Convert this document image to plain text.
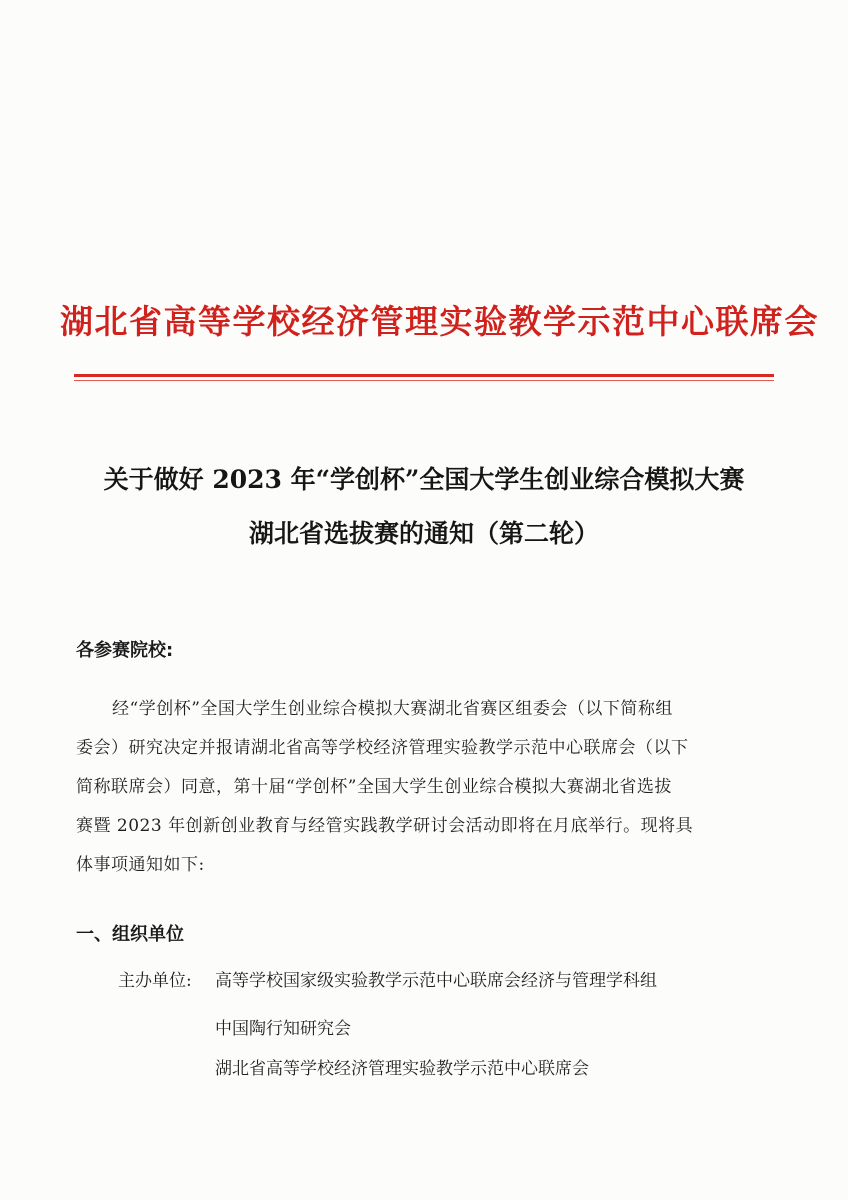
湖北省高等学校经济管理实验教学示范中心联席会
关于做好 2023 年“学创杯”全国大学生创业综合模拟大赛
湖北省选拔赛的通知（第二轮）
各参赛院校:
经“学创杯”全国大学生创业综合模拟大赛湖北省赛区组委会（以下简称组
委会）研究决定并报请湖北省高等学校经济管理实验教学示范中心联席会（以下
简称联席会）同意，第十届“学创杯”全国大学生创业综合模拟大赛湖北省选拔
赛暨 2023 年创新创业教育与经管实践教学研讨会活动即将在月底举行。现将具
体事项通知如下:
一、组织单位
主办单位: 高等学校国家级实验教学示范中心联席会经济与管理学科组
中国陶行知研究会
湖北省高等学校经济管理实验教学示范中心联席会
